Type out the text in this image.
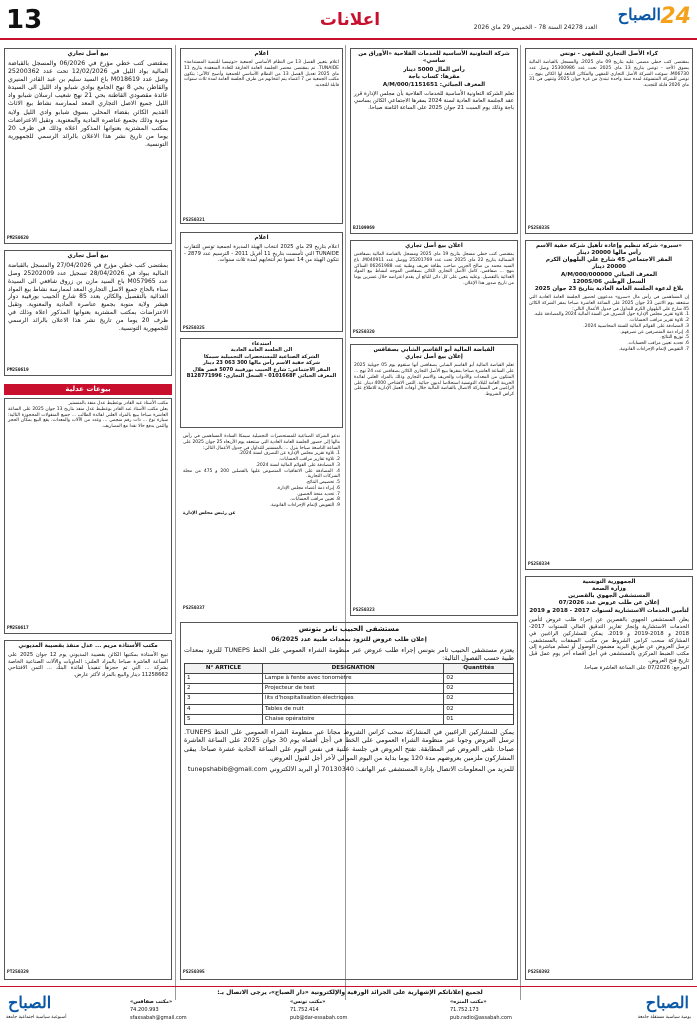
13	اعلانات	العدد 24278 السنة 78 - الخميس 29 ماي 2026	24
الصباح
كراء الأصل التجاري للمقهى - تونس

بمقتضى كتب خطي مضمى عليه بتاريخ 09 ماي 2025، والمسجل بالقباضة المالية بسوق الأحد - تونس بتاريخ 13 ماي 2025 تحت عدد 25300986 وصل عدد M06730، سوغت الشركة الأصل التجاري للمقهى والمكائن التابعة لها الكائن بنهج ... تونس للشركة المتسوغة لمدة سنة واحدة تبتدئ من غرة جوان 2025 وتنتهي في 31 ماي 2026 قابلة للتجديد.

PS250335
«سبرو» شركة تنظيم وإعادة تأهيل شركة خفية الاسم
رأس مالها 20000 دينار
المقر الاجتماعي 45 شارع علي البلهوان الكرم
20000 دينار
المعرف الجبائي 000000/A/M/000
السجل الوطني 1200S/06
بلاغ لدعوة الجلسة العامة العادية بتاريخ 23 جوان 2025

إن المساهمين في رأس مال «سبرو» مدعوون لحضور الجلسة العامة العادية التي ستنعقد يوم الاثنين 23 جوان 2025 على الساعة العاشرة صباحا بمقر الشركة الكائن 45 شارع علي البلهوان الكرم للتداول في جدول الأعمال التالي:
1. تلاوة تقرير مجلس الإدارة حول التصرف في السنة المالية 2024 والمصادقة عليه.
2. تلاوة تقرير مراقب الحسابات.
3. المصادقة على القوائم المالية للسنة المحاسبية 2024.
4. إبراء ذمة المتصرفين عن تصرفهم.
5. توزيع النتائج.
6. تجديد تعيين مراقب الحسابات.
7. التفويض لإتمام الإجراءات القانونية.

PS250334
الجمهورية التونسية
وزارة الصحة
المستشفى الجهوي بالقصرين
إعلان عن طلب عروض عدد 07/2026
لتأمين الخدمات الاستشارية لسنوات 2017 - 2018 و 2019

يعلن المستشفى الجهوي بالقصرين عن إجراء طلب عروض لتأمين الخدمات الاستشارية وإنجاز تقارير التدقيق المالي للسنوات 2017-2018 و 2018-2019 و 2019. يمكن للمشاركين الراغبين في المشاركة سحب كراس الشروط من مكتب الصفقات بالمستشفى. ترسل العروض عن طريق البريد مضمون الوصول أو تسلم مباشرة إلى مكتب الضبط المركزي بالمستشفى في أجل أقصاه آخر يوم عمل قبل تاريخ فتح العروض.
المرجع: 07/2026 على الساعة العاشرة صباحا.

PS250392
شركة التعاونية الأساسية للخدمات الفلاحية «الأوراق من ساسي»
رأس المال 5000 دينار
مقرها: كساب باجة
المعرف الجبائي: 1151651/A/M/000

تعلم الشركة التعاونية الأساسية للخدمات الفلاحية بأن مجلس الإدارة قرر عقد الجلسة العامة العادية لسنة 2024 بمقرها الاجتماعي الكائن بساسي باجة وذلك يوم السبت 21 جوان 2025 على الساعة الثامنة صباحا.

BJ109969
اعلان بيع أصل تجاري

بمقتضى كتب خطي مسجل بتاريخ 19 ماي 2025 ومسجل بالقباضة المالية بصفاقس الشمالية بتاريخ 22 ماي 2025 تحت عدد 25201769 ووصل عدد M040911، باع السيد محمد بن صالح الجربي صاحب بطاقة تعريف وطنية عدد 06261988 الساكن بنهج ... صفاقس، كامل الأصل التجاري الكائن بصفاقس الموجه لنشاط بيع المواد الغذائية بالتفصيل. وعليه يتعين على كل دائن للبائع أن يقدم اعتراضه خلال عشرين يوما من تاريخ صدور هذا الإعلان.

PS250320
القباضة المالية أبو القاسم الشابي بصفاقس
إعلان بيع أصل تجاري

تعلم القباضة المالية أبو القاسم الشابي بصفاقس أنها ستقوم يوم 05 جويلية 2025 على الساعة العاشرة صباحا بمقرها ببيع الأصل التجاري الكائن بصفاقس عدد 24 نهج ... المتكون من المعدات والأدوات والحريف والاسم التجاري وذلك بالمزاد العلني لفائدة الخزينة العامة للبلاد التونسية استخلاصا لديون جبائية. الثمن الافتتاحي 4000 دينار. على الراغبين في المشاركة الاتصال بالقباضة المالية خلال أوقات العمل الإدارية للاطلاع على كراس الشروط.

PS250323
مستشفى الحبيب ثامر بتونس
إعلان طلب عروض للتزود بمعدات طبية عدد 06/2025

يعتزم مستشفى الحبيب ثامر بتونس إجراء طلب عروض عبر منظومة الشراء العمومي على الخط TUNEPS للتزود بمعدات طبية حسب الفصول التالية:

N° ARTICLE	DESIGNATION	Quantités
1	Lampe à fente avec tonomètre	02
2	Projecteur de test	02
3	lits d'hospitalisation électriques	02
4	Tables de nuit	02
5	Chaise opératoire	01

يمكن للمشاركين الراغبين في المشاركة سحب كراس الشروط مجانا عبر منظومة الشراء العمومي على الخط TUNEPS. ترسل العروض وجوبا عبر منظومة الشراء العمومي على الخط في أجل أقصاه يوم 30 جوان 2025 على الساعة العاشرة صباحا. تلغى العروض غير المطابقة. تفتح العروض في جلسة علنية في نفس اليوم على الساعة الحادية عشرة صباحا. يبقى المشاركون ملزمين بعروضهم مدة 120 يوما بداية من اليوم الموالي لآخر أجل لقبول العروض.

للمزيد من المعلومات الاتصال بإدارة المستشفى عبر الهاتف: 70130340 أو البريد الالكتروني tunepshabib@gmail.com

PS250395
اعلام

اعلام بتغيير الفصل 13 من النظام الأساسي لجمعية «تونيسيا للتنمية المستدامة» TUNAIDE. تم بمقتضى محضر الجلسة العامة الخارقة للعادة المنعقدة بتاريخ 11 ماي 2025 تعديل الفصل 13 من النظام الأساسي للجمعية وأصبح كالآتي: يتكون مكتب الجمعية من 7 أعضاء يتم انتخابهم من طرف الجلسة العامة لمدة ثلاث سنوات قابلة للتجديد.

PS250321
اعلام

اعلام بتاريخ 29 ماي 2025 انتخاب الهيئة المديرة لجمعية تونس للتقارب TUNAIDE التي تأسست بتاريخ 11 أفريل 2011 - الترسيم عدد 2879 - تتكون الهيئة من 14 عضوا تم انتخابهم لمدة ثلاث سنوات.

PS250325
استدعاء
الى الجلسة العامة العادية
الشركة الصناعية للمستحضرات التجميلية سيمكا
شركة خفية الاسم رأس مالها 300 063 23 دينار
المقر الاجتماعي: شارع الحبيب بورقيبة 5070 قصر هلال
المعرف الجبائي 0101668F - السجل التجاري: B128771996

ندعو الشركة الصناعية للمستحضرات التجميلية سيمكا السادة المساهمين في رأس مالها إلى حضور الجلسة العامة العادية التي ستنعقد يوم الأربعاء 25 جوان 2025 على الساعة التاسعة صباحا بنزل ... بالمنستير للتداول في جدول الأعمال التالي:
1. تلاوة تقرير مجلس الإدارة عن التصرف لسنة 2024.
2. تلاوة تقارير مراقب الحسابات.
3. المصادقة على القوائم المالية لسنة 2024.
4. المصادقة على الاتفاقيات المنصوص عليها بالفصلين 200 و 475 من مجلة الشركات التجارية.
5. تخصيص النتائج.
6. إبراء ذمة أعضاء مجلس الإدارة.
7. تحديد منحة الحضور.
8. تعيين مراقب الحسابات.
9. التفويض لإتمام الإجراءات القانونية.

عن رئيس مجلس الإدارة

PS250337
بيع أصل تجاري

بمقتضى كتب خطي مؤرخ في 06/2026 والمسجل بالقباضة المالية بواد الليل في 12/02/2026 تحت عدد 25200362 وصل عدد M018619 باع السيد سليم بن عبد القادر المنيري والقاطن بحي 8 نهج الجامع بوادي شبابو واد الليل الى السيدة عائدة مقصودي القاطنة بحي 21 نهج شعيب ارسلان شبابو واد الليل جميع الاصل التجاري المعد لممارسة نشاط بيع الاثاث القديم الكائن بفضاء المحلي بسوق شبابو وادي الليل ولاية منوبة وذلك بجميع عناصره المادية والمعنوية. وتقبل الاعتراضات بمكتب المشترية بعنوانها المذكور اعلاه وذلك في ظرف 20 يوما من تاريخ نشر هذا الاعلان بالرائد الرسمي للجمهورية التونسية.

PM250620
بيع أصل تجاري

بمقتضى كتب خطي مؤرخ في 27/04/2026 والمسجل بالقباضة المالية ببواد في 28/04/2026 تسجيل عدد 25202009 وصل عدد M057965 باع السيد مازن بن زروق شافعي الى السيدة سناء بالحاج جميع الاصل التجاري المعد لممارسة نشاط بيع المواد الغذائية بالتفصيل والكائن بعدد 85 شارع الحبيب بورقيبة دوار هيشر ولاية منوبة بجميع عناصره المادية والمعنوية. وتقبل الاعتراضات بمكتب المشترية بعنوانها المذكور اعلاه وذلك في ظرف 20 يوما من تاريخ نشر هذا الاعلان بالرائد الرسمي للجمهورية التونسية.

PM250619
بيوعات عدلية

مكتب الأستاذ عبد القادر بوعطيط عدل منفذ بالمنستير
يعلن مكتب الأستاذ عبد القادر بوعطيط عدل منفذ بتاريخ 13 جوان 2025 على الساعة العاشرة صباحا ببيع بالمزاد العلني لفائدة الطالب ... جميع المنقولات المحجوزة التالية: سيارة نوع ... ذات رقم منجمي ... وعدد من الآلات والمعدات. يقع البيع بمكان الحجز والثمن يدفع حالا نقدا مع المصاريف.

PM250617
مكتب الأستاذة مريم ... عدل منفذ بقصيبة المديوني

تبيع الأستاذة بمكتبها الكائن بقصيبة المديوني يوم 12 جوان 2025 على الساعة العاشرة صباحا بالمزاد العلني: الحاويات والآلات الصناعية الخاصة بشركة ... التي تم حجزها تنفيذيا لفائدة البنك ... الثمن الافتتاحي 11258662 دينار والبيع بالمزاد لأكثر عارض.

PT250329
الصباح
أسبوعية سياسية اجتماعية جامعة
لجميع إعلاناتكم الإشهارية على الجرائد الورقية والإلكترونية «دار الصباح»، يرجى الاتصال بـ:
«مكتب صفاقس»
74.200.993
sfaxsabah@gmail.com
«مكتب تونس»
71.752.414
pub@dar-essabah.com
«مكتب المنزه»
71.752.173
pub.radio@assabah.com
الصباح
يومية سياسية مستقلة جامعة
